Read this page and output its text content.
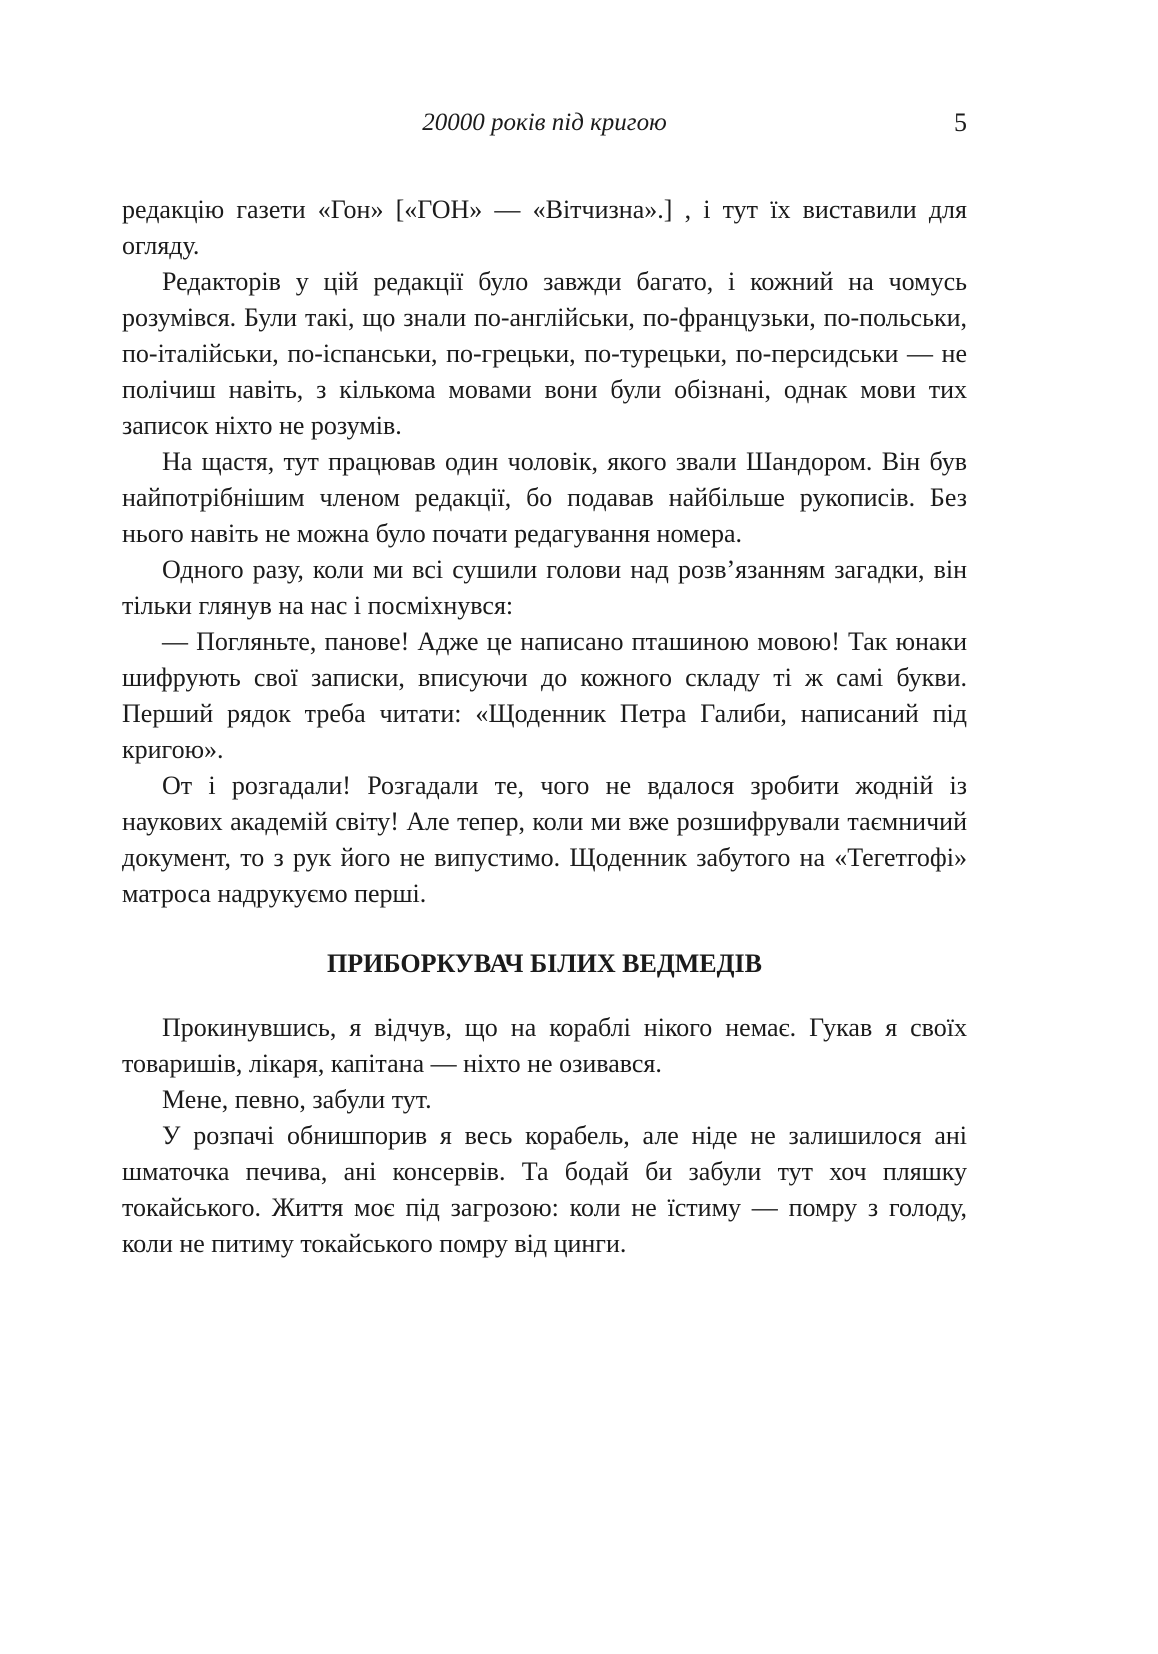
20000 років під кригою	5

редакцію газети «Гон» [«ГОН» — «Вітчизна».] , і тут їх виставили для огляду.

Редакторів у цій редакції було завжди багато, і кожний на чомусь розумівся. Були такі, що знали по-англійськи, по-французьки, по-польськи, по-італійськи, по-іспанськи, по-грецьки, по-турецьки, по-персидськи — не полічиш навіть, з кількома мовами вони були обізнані, однак мови тих записок ніхто не розумів.

На щастя, тут працював один чоловік, якого звали Шандором. Він був найпотрібнішим членом редакції, бо подавав найбільше рукописів. Без нього навіть не можна було почати редагування номера.

Одного разу, коли ми всі сушили голови над розв’язанням загадки, він тільки глянув на нас і посміхнувся:

— Погляньте, панове! Адже це написано пташиною мовою! Так юнаки шифрують свої записки, вписуючи до кожного складу ті ж самі букви. Перший рядок треба читати: «Щоденник Петра Галиби, написаний під кригою».

От і розгадали! Розгадали те, чого не вдалося зробити жодній із наукових академій світу! Але тепер, коли ми вже розшифрували таємничий документ, то з рук його не випустимо. Щоденник забутого на «Тегетгофі» матроса надрукуємо перші.

ПРИБОРКУВАЧ БІЛИХ ВЕДМЕДІВ

Прокинувшись, я відчув, що на кораблі нікого немає. Гукав я своїх товаришів, лікаря, капітана — ніхто не озивався.

Мене, певно, забули тут.

У розпачі обнишпорив я весь корабель, але ніде не залишилося ані шматочка печива, ані консервів. Та бодай би забули тут хоч пляшку токайського. Життя моє під загрозою: коли не їстиму — помру з голоду, коли не питиму токайського помру від цинги.
